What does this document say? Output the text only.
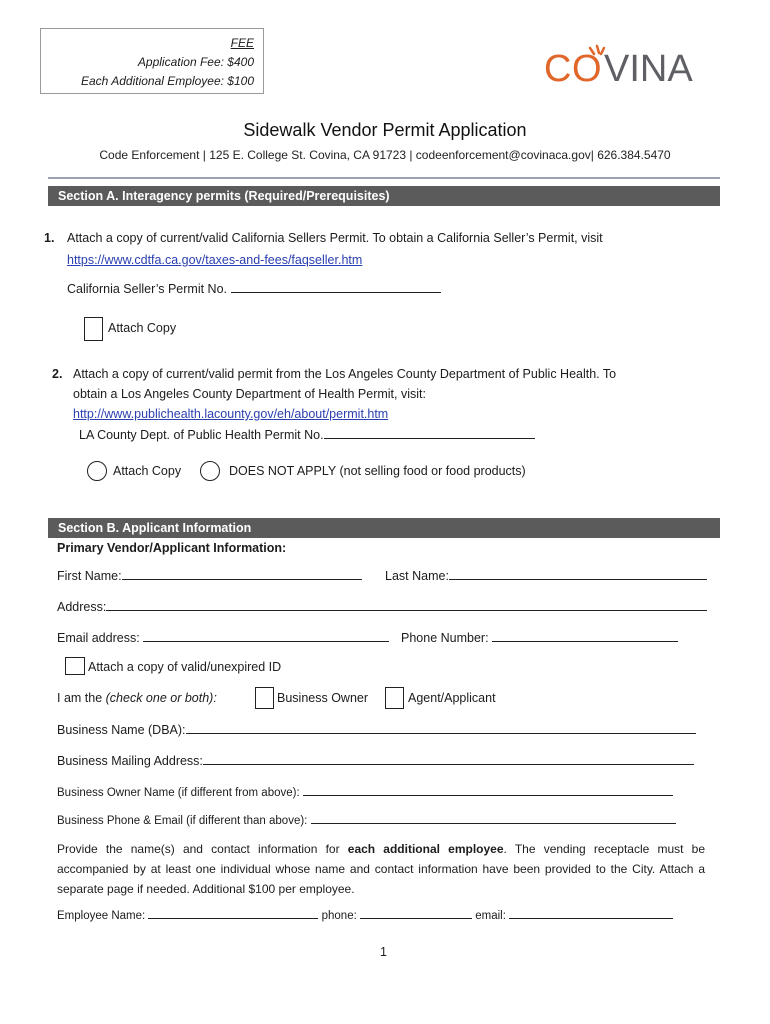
FEE
Application Fee: $400
Each Additional Employee: $100	C O VINA
Sidewalk Vendor Permit Application
Code Enforcement | 125 E. College St. Covina, CA 91723 | codeenforcement@covinaca.gov| 626.384.5470
Section A. Interagency permits (Required/Prerequisites)
1. Attach a copy of current/valid California Sellers Permit. To obtain a California Seller’s Permit, visit
https://www.cdtfa.ca.gov/taxes-and-fees/faqseller.htm
California Seller’s Permit No.
Attach Copy
2. Attach a copy of current/valid permit from the Los Angeles County Department of Public Health. To
obtain a Los Angeles County Department of Health Permit, visit:
http://www.publichealth.lacounty.gov/eh/about/permit.htm
LA County Dept. of Public Health Permit No.
Attach Copy	DOES NOT APPLY (not selling food or food products)
Section B. Applicant Information
Primary Vendor/Applicant Information:
First Name:	Last Name:
Address:
Email address:	Phone Number:
Attach a copy of valid/unexpired ID
I am the (check one or both):	Business Owner	Agent/Applicant
Business Name (DBA):
Business Mailing Address:
Business Owner Name (if different from above):
Business Phone & Email (if different than above):
Provide the name(s) and contact information for each additional employee. The vending receptacle must be accompanied by at least one individual whose name and contact information have been provided to the City. Attach a separate page if needed. Additional $100 per employee.
Employee Name:	phone:	email:
1
